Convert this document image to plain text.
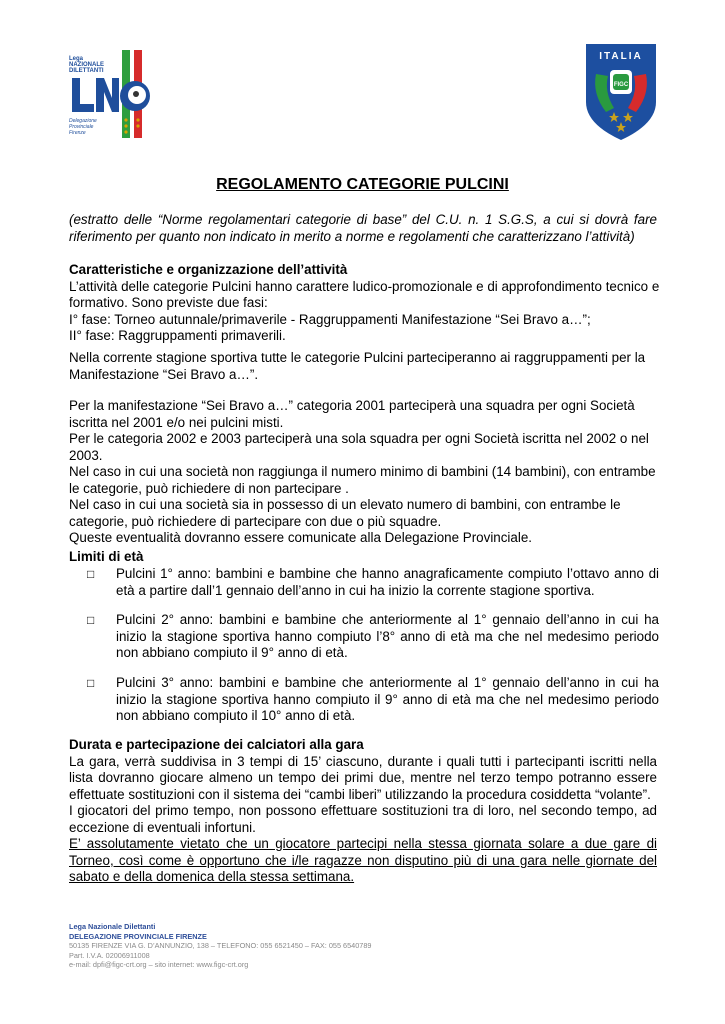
Lega
NAZIONALE
DILETTANTI
Delegazione
Provinciale
Firenze
ITALIA
FIGC
REGOLAMENTO CATEGORIE PULCINI
(estratto delle “Norme regolamentari categorie di base” del C.U. n. 1 S.G.S, a cui si dovrà fare riferimento per quanto non indicato in merito a norme e regolamenti che caratterizzano l’attività)

Caratteristiche e organizzazione dell’attività

L’attività delle categorie Pulcini hanno carattere ludico-promozionale e di approfondimento tecnico e formativo. Sono previste due fasi:

I° fase: Torneo autunnale/primaverile - Raggruppamenti Manifestazione “Sei Bravo a…”;

II° fase: Raggruppamenti primaverili.

Nella corrente stagione sportiva tutte le categorie Pulcini parteciperanno ai raggruppamenti per la Manifestazione “Sei Bravo a…”.

Per la manifestazione “Sei Bravo a…” categoria 2001 parteciperà una squadra per ogni Società iscritta nel 2001 e/o nei pulcini misti.

Per le categoria 2002 e 2003 parteciperà una sola squadra per ogni Società iscritta nel 2002 o nel 2003.

Nel caso in cui una società non raggiunga il numero minimo di bambini (14 bambini), con entrambe le categorie, può richiedere di non partecipare .

Nel caso in cui una società sia in possesso di un elevato numero di bambini, con entrambe le categorie, può richiedere di partecipare con due o più squadre.

Queste eventualità dovranno essere comunicate alla Delegazione Provinciale.

Limiti di età
□ Pulcini 1° anno: bambini e bambine che hanno anagraficamente compiuto l’ottavo anno di età a partire dall’1 gennaio dell’anno in cui ha inizio la corrente stagione sportiva.
□ Pulcini 2° anno: bambini e bambine che anteriormente al 1° gennaio dell’anno in cui ha inizio la stagione sportiva hanno compiuto l’8° anno di età ma che nel medesimo periodo non abbiano compiuto il 9° anno di età.
□ Pulcini 3° anno: bambini e bambine che anteriormente al 1° gennaio dell’anno in cui ha inizio la stagione sportiva hanno compiuto il 9° anno di età ma che nel medesimo periodo non abbiano compiuto il 10° anno di età.

Durata e partecipazione dei calciatori alla gara

La gara, verrà suddivisa in 3 tempi di 15’ ciascuno, durante i quali tutti i partecipanti iscritti nella lista dovranno giocare almeno un tempo dei primi due, mentre nel terzo tempo potranno essere effettuate sostituzioni con il sistema dei “cambi liberi” utilizzando la procedura cosiddetta “volante”.

I giocatori del primo tempo, non possono effettuare sostituzioni tra di loro, nel secondo tempo, ad eccezione di eventuali infortuni.

E’ assolutamente vietato che un giocatore partecipi nella stessa giornata solare a due gare di Torneo, così come è opportuno che i/le ragazze non disputino più di una gara nelle giornate del sabato e della domenica della stessa settimana.

Lega Nazionale Dilettanti
DELEGAZIONE PROVINCIALE FIRENZE
50135 FIRENZE VIA G. D’ANNUNZIO, 138 – TELEFONO: 055 6521450 – FAX: 055 6540789
Part. I.V.A. 02006911008
e-mail: dpfi@figc-crt.org – sito internet: www.figc-crt.org
